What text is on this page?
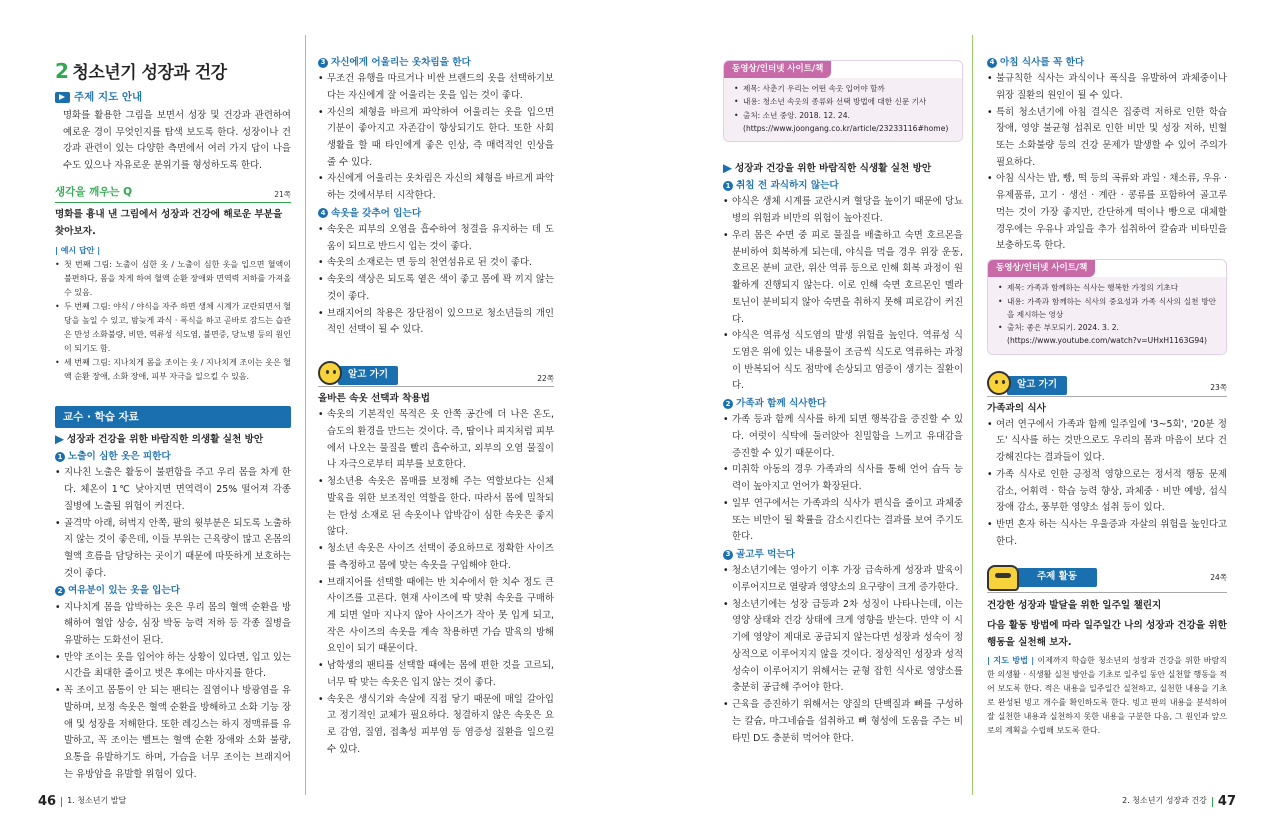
2 청소년기 성장과 건강
주제 지도 안내

명화를 활용한 그림을 보면서 성장 및 건강과 관련하여 예로운 경이 무엇인지를 탐색 보도록 한다. 성장이나 건강과 관련이 있는 다양한 측면에서 여러 가지 답이 나을 수도 있으나 자유로운 분위기를 형성하도록 한다.

생각을 깨우는 Q	21쪽
명화를 흉내 낸 그림에서 성장과 건강에 해로운 부분을 찾아보자.
| 예시 답안 |
• 첫 번째 그림: 노출이 심한 옷 / 노출이 심한 옷을 입으면 혈액이 불편하다, 몸을 차게 하여 혈액 순환 장애와 면역력 저하를 가져올 수 있음.
• 두 번째 그림: 야식 / 야식을 자주 하면 생체 시계가 교란되면서 혈당을 높일 수 있고, 밤늦게 과식 · 폭식을 하고 곧바로 잠드는 습관은 만성 소화불량, 비만, 역류성 식도염, 불면증, 당뇨병 등의 원인이 되기도 함.
• 세 번째 그림: 지나치게 몸을 조이는 옷 / 지나치게 조이는 옷은 혈액 순환 장애, 소화 장애, 피부 자극을 일으킬 수 있음.
교수 · 학습 자료
성장과 건강을 위한 바람직한 의생활 실천 방안
1 노출이 심한 옷은 피한다
• 지나친 노출은 활동이 불편함을 주고 우리 몸을 차게 한다. 체온이 1℃ 낮아지면 면역력이 25% 떨어져 각종 질병에 노출될 위험이 커진다.
• 골격막 아래, 허벅지 안쪽, 팔의 윗부분은 되도록 노출하지 않는 것이 좋은데, 이들 부위는 근육량이 많고 온몸의 혈액 흐름을 담당하는 곳이기 때문에 따뜻하게 보호하는 것이 좋다.
2 여유분이 있는 옷을 입는다
• 지나치게 몸을 압박하는 옷은 우리 몸의 혈액 순환을 방해하여 혈압 상승, 심장 박동 능력 저하 등 각종 질병을 유발하는 도화선이 된다.
• 만약 조이는 옷을 입어야 하는 상황이 있다면, 입고 있는 시간을 최대한 줄이고 벗은 후에는 마사지를 한다.
• 꼭 조이고 몸통이 안 되는 팬티는 질염이나 방광염을 유발하며, 보정 속옷은 혈액 순환을 방해하고 소화 기능 장애 및 성장을 저해한다. 또한 레깅스는 하지 정맥류를 유발하고, 꼭 조이는 벨트는 혈액 순환 장애와 소화 불량, 요통을 유발하기도 하며, 가슴을 너무 조이는 브래지어는 유방암을 유발할 위험이 있다.
3 자신에게 어울리는 옷차림을 한다
• 무조건 유행을 따르거나 비싼 브랜드의 옷을 선택하기보다는 자신에게 잘 어울리는 옷을 입는 것이 좋다.
• 자신의 체형을 바르게 파악하여 어울리는 옷을 입으면 기분이 좋아지고 자존감이 향상되기도 한다. 또한 사회생활을 할 때 타인에게 좋은 인상, 즉 매력적인 인상을 줄 수 있다.
• 자신에게 어울리는 옷차림은 자신의 체형을 바르게 파악하는 것에서부터 시작한다.
4 속옷을 갖추어 입는다
• 속옷은 피부의 오염을 흡수하여 청결을 유지하는 데 도움이 되므로 반드시 입는 것이 좋다.
• 속옷의 소재로는 면 등의 천연섬유로 된 것이 좋다.
• 속옷의 색상은 되도록 옅은 색이 좋고 몸에 꽉 끼지 않는 것이 좋다.
• 브래지어의 착용은 장단점이 있으므로 청소년들의 개인적인 선택이 될 수 있다.
알고 가기	22쪽
올바른 속옷 선택과 착용법
• 속옷의 기본적인 목적은 옷 안쪽 공간에 더 나은 온도, 습도의 환경을 만드는 것이다. 즉, 땀이나 피지처럼 피부에서 나오는 물질을 빨리 흡수하고, 외부의 오염 물질이나 자극으로부터 피부를 보호한다.
• 청소년용 속옷은 몸매를 보정해 주는 역할보다는 신체 발육을 위한 보조적인 역할을 한다. 따라서 몸에 밀착되는 탄성 소재로 된 속옷이나 압박감이 심한 속옷은 좋지 않다.
• 청소년 속옷은 사이즈 선택이 중요하므로 정확한 사이즈를 측정하고 몸에 맞는 속옷을 구입해야 한다.
• 브래지어를 선택할 때에는 반 치수에서 한 치수 정도 큰 사이즈를 고른다. 현재 사이즈에 딱 맞춰 속옷을 구매하게 되면 얼마 지나지 않아 사이즈가 작아 못 입게 되고, 작은 사이즈의 속옷을 계속 착용하면 가슴 발육의 방해 요인이 되기 때문이다.
• 남학생의 팬티를 선택할 때에는 몸에 편한 것을 고르되, 너무 딱 맞는 속옷은 입지 않는 것이 좋다.
• 속옷은 생식기와 속살에 직접 닿기 때문에 매일 갈아입고 정기적인 교체가 필요하다. 청결하지 않은 속옷은 요로 감염, 질염, 접촉성 피부염 등 염증성 질환을 일으킬 수 있다.
동영상/인터넷 사이트/책
• 제목: 사춘기 우리는 어떤 속옷 입어야 할까
• 내용: 청소년 속옷의 종류와 선택 방법에 대한 신문 기사
• 출처: 소년 중앙. 2018. 12. 24.
(https://www.joongang.co.kr/article/23233116#home)
성장과 건강을 위한 바람직한 식생활 실천 방안
1 취침 전 과식하지 않는다
• 야식은 생체 시계를 교란시켜 혈당을 높이기 때문에 당뇨병의 위험과 비만의 위험이 높아진다.
• 우리 몸은 수면 중 피로 물질을 배출하고 숙면 호르몬을 분비하여 회복하게 되는데, 야식을 먹을 경우 위장 운동, 호르몬 분비 교란, 위산 역류 등으로 인해 회복 과정이 원활하게 진행되지 않는다. 이로 인해 숙면 호르몬인 멜라토닌이 분비되지 않아 숙면을 취하지 못해 피로감이 커진다.
• 야식은 역류성 식도염의 발생 위험을 높인다. 역류성 식도염은 위에 있는 내용물이 조금씩 식도로 역류하는 과정이 반복되어 식도 점막에 손상되고 염증이 생기는 질환이다.
2 가족과 함께 식사한다
• 가족 등과 함께 식사를 하게 되면 행복감을 증진할 수 있다. 여럿이 식탁에 둘러앉아 친밀함을 느끼고 유대감을 증진할 수 있기 때문이다.
• 미취학 아동의 경우 가족과의 식사를 통해 언어 습득 능력이 높아지고 언어가 확장된다.
• 일부 연구에서는 가족과의 식사가 편식을 줄이고 과체중 또는 비만이 될 확률을 감소시킨다는 결과를 보여 주기도 한다.
3 골고루 먹는다
• 청소년기에는 영아기 이후 가장 급속하게 성장과 발육이 이루어지므로 열량과 영양소의 요구량이 크게 증가한다.
• 청소년기에는 성장 급등과 2차 성징이 나타나는데, 이는 영양 상태와 건강 상태에 크게 영향을 받는다. 만약 이 시기에 영양이 제대로 공급되지 않는다면 성장과 성숙이 정상적으로 이루어지지 않을 것이다. 정상적인 성장과 성적 성숙이 이루어지기 위해서는 균형 잡힌 식사로 영양소를 충분히 공급해 주어야 한다.
• 근육을 증진하기 위해서는 양질의 단백질과 뼈를 구성하는 칼슘, 마그네슘을 섭취하고 뼈 형성에 도움을 주는 비타민 D도 충분히 먹어야 한다.
4 아침 식사를 꼭 한다
• 불규칙한 식사는 과식이나 폭식을 유발하여 과체중이나 위장 질환의 원인이 될 수 있다.
• 특히 청소년기에 아침 결식은 집중력 저하로 인한 학습 장애, 영양 불균형 섭취로 인한 비만 및 성장 저하, 빈혈 또는 소화불량 등의 건강 문제가 발생할 수 있어 주의가 필요하다.
• 아침 식사는 밥, 빵, 떡 등의 곡류와 과일 · 채소류, 우유 · 유제품류, 고기 · 생선 · 계란 · 콩류를 포함하여 골고루 먹는 것이 가장 좋지만, 간단하게 떡이나 빵으로 대체할 경우에는 우유나 과일을 추가 섭취하여 칼슘과 비타민을 보충하도록 한다.
동영상/인터넷 사이트/책
• 제목: 가족과 함께하는 식사는 행복한 가정의 기초다
• 내용: 가족과 함께하는 식사의 중요성과 가족 식사의 실천 방안을 제시하는 영상
• 출처: 좋은 부모되기. 2024. 3. 2.
(https://www.youtube.com/watch?v=UHxH1163G94)
알고 가기	23쪽
가족과의 식사
• 여러 연구에서 가족과 함께 일주일에 '3~5회', '20분 정도' 식사를 하는 것만으로도 우리의 몸과 마음이 보다 건강해진다는 결과들이 있다.
• 가족 식사로 인한 긍정적 영향으로는 정서적 행동 문제 감소, 어휘력 · 학습 능력 향상, 과체중 · 비만 예방, 섭식 장애 감소, 풍부한 영양소 섭취 등이 있다.
• 반면 혼자 하는 식사는 우울증과 자살의 위험을 높인다고 한다.
주제 활동	24쪽
건강한 성장과 발달을 위한 일주일 챌린지
다음 활동 방법에 따라 일주일간 나의 성장과 건강을 위한 행동을 실천해 보자.
| 지도 방법 | 이제까지 학습한 청소년의 성장과 건강을 위한 바람직한 의생활 · 식생활 실천 방안을 기초로 일주일 동안 실천할 행동을 적어 보도록 한다. 적은 내용을 일주일간 실천하고, 실천한 내용을 기초로 완성된 빙고 개수를 확인하도록 한다. 빙고 판의 내용을 분석하여 잘 실천한 내용과 실천하지 못한 내용을 구분한 다음, 그 원인과 앞으로의 계획을 수립해 보도록 한다.
46 1. 청소년기 발달	2. 청소년기 성장과 건강 47
